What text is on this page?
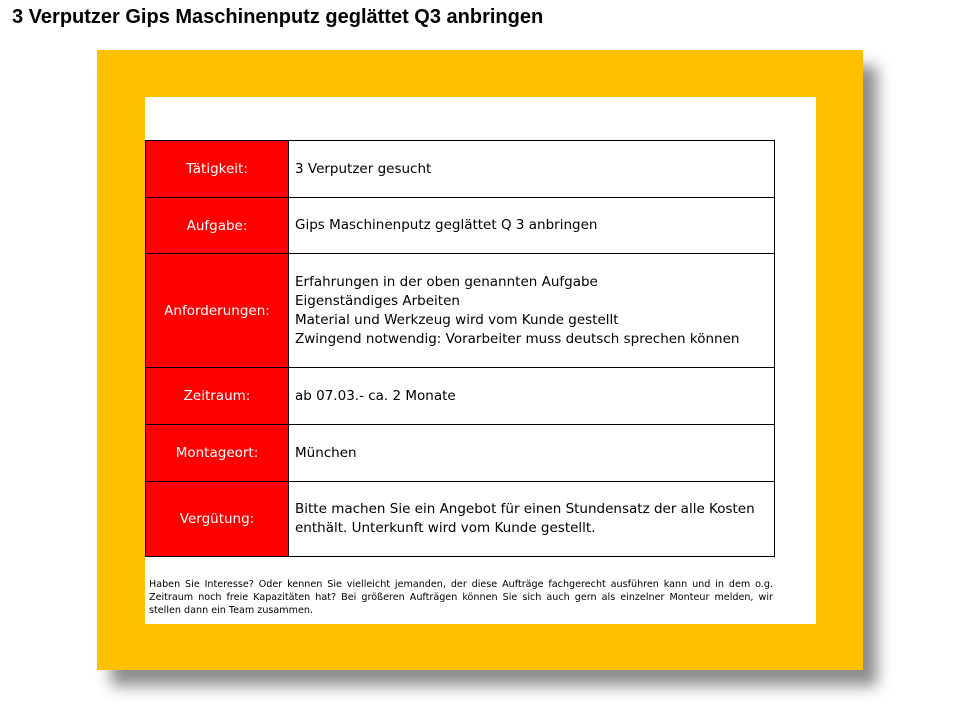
3 Verputzer Gips Maschinenputz geglättet Q3 anbringen
Tätigkeit:	3 Verputzer gesucht

Aufgabe:	Gips Maschinenputz geglättet Q 3 anbringen

Anforderungen:	Erfahrungen in der oben genannten Aufgabe
Eigenständiges Arbeiten
Material und Werkzeug wird vom Kunde gestellt
Zwingend notwendig: Vorarbeiter muss deutsch sprechen können

Zeitraum:	ab 07.03.- ca. 2 Monate

Montageort:	München

Vergütung:	Bitte machen Sie ein Angebot für einen Stundensatz der alle Kosten
enthält. Unterkunft wird vom Kunde gestellt.
Haben Sie Interesse? Oder kennen Sie vielleicht jemanden, der diese Aufträge fachgerecht ausführen kann und in dem o.g. Zeitraum noch freie Kapazitäten hat? Bei größeren Aufträgen können Sie sich auch gern als einzelner Monteur melden, wir stellen dann ein Team zusammen.
